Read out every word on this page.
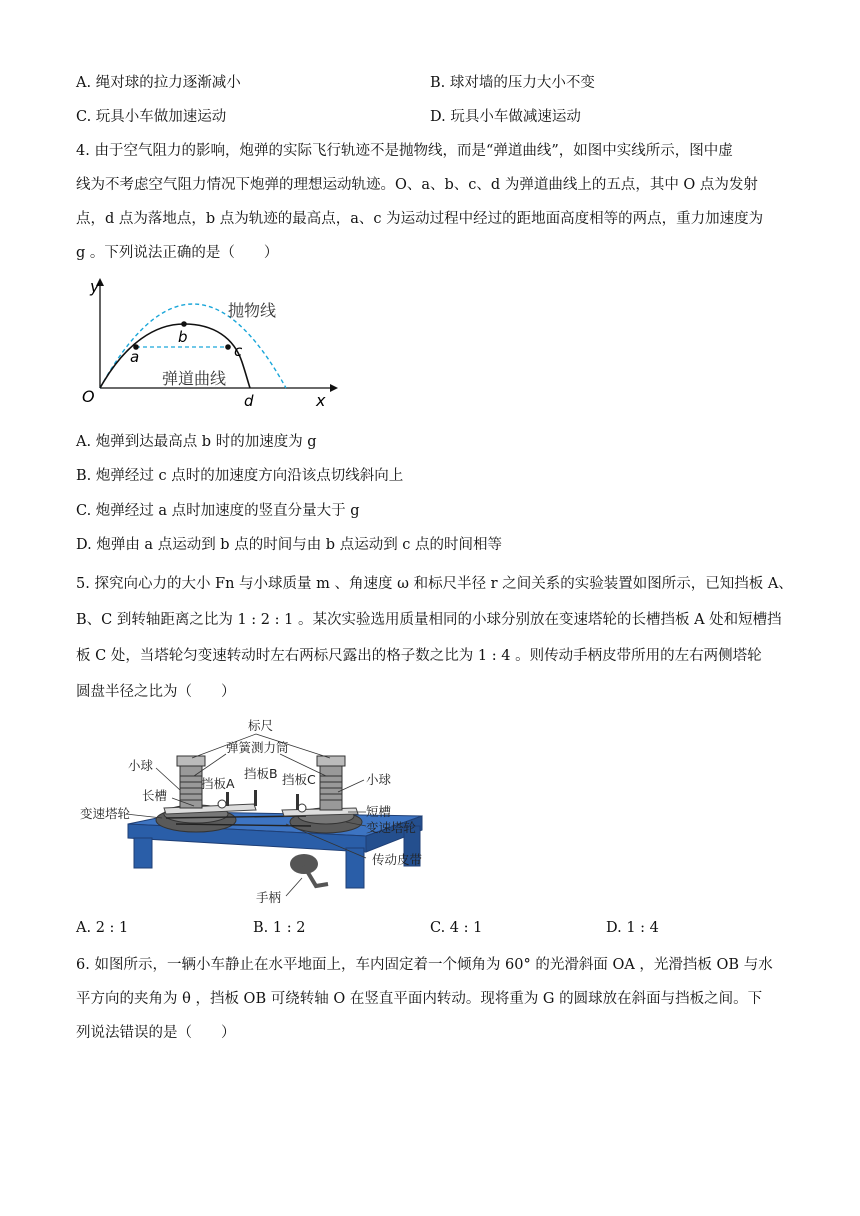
A. 绳对球的拉力逐渐减小	B. 球对墙的压力大小不变
C. 玩具小车做加速运动	D. 玩具小车做减速运动
4. 由于空气阻力的影响，炮弹的实际飞行轨迹不是抛物线，而是“弹道曲线”，如图中实线所示，图中虚
线为不考虑空气阻力情况下炮弹的理想运动轨迹。O、a、b、c、d 为弹道曲线上的五点，其中 O 点为发射
点，d 点为落地点，b 点为轨迹的最高点，a、c 为运动过程中经过的距地面高度相等的两点，重力加速度为
g 。下列说法正确的是（　　）
y
x
O
a
b
c
d
抛物线
弹道曲线
A. 炮弹到达最高点 b 时的加速度为 g
B. 炮弹经过 c 点时的加速度方向沿该点切线斜向上
C. 炮弹经过 a 点时加速度的竖直分量大于 g
D. 炮弹由 a 点运动到 b 点的时间与由 b 点运动到 c 点的时间相等
5. 探究向心力的大小 Fn 与小球质量 m 、角速度 ω 和标尺半径 r 之间关系的实验装置如图所示，已知挡板 A、
B、C 到转轴距离之比为 1 : 2 : 1 。某次实验选用质量相同的小球分别放在变速塔轮的长槽挡板 A 处和短槽挡
板 C 处，当塔轮匀变速转动时左右两标尺露出的格子数之比为 1 : 4 。则传动手柄皮带所用的左右两侧塔轮
圆盘半径之比为（　　）
标尺
弹簧测力筒
小球
小球
挡板A
挡板B 挡板C
长槽
短槽
变速塔轮
变速塔轮
传动皮带
手柄
A. 2 : 1	B. 1 : 2	C. 4 : 1	D. 1 : 4
6. 如图所示，一辆小车静止在水平地面上，车内固定着一个倾角为 60° 的光滑斜面 OA ，光滑挡板 OB 与水
平方向的夹角为 θ ，挡板 OB 可绕转轴 O 在竖直平面内转动。现将重为 G 的圆球放在斜面与挡板之间。下
列说法错误的是（　　）
